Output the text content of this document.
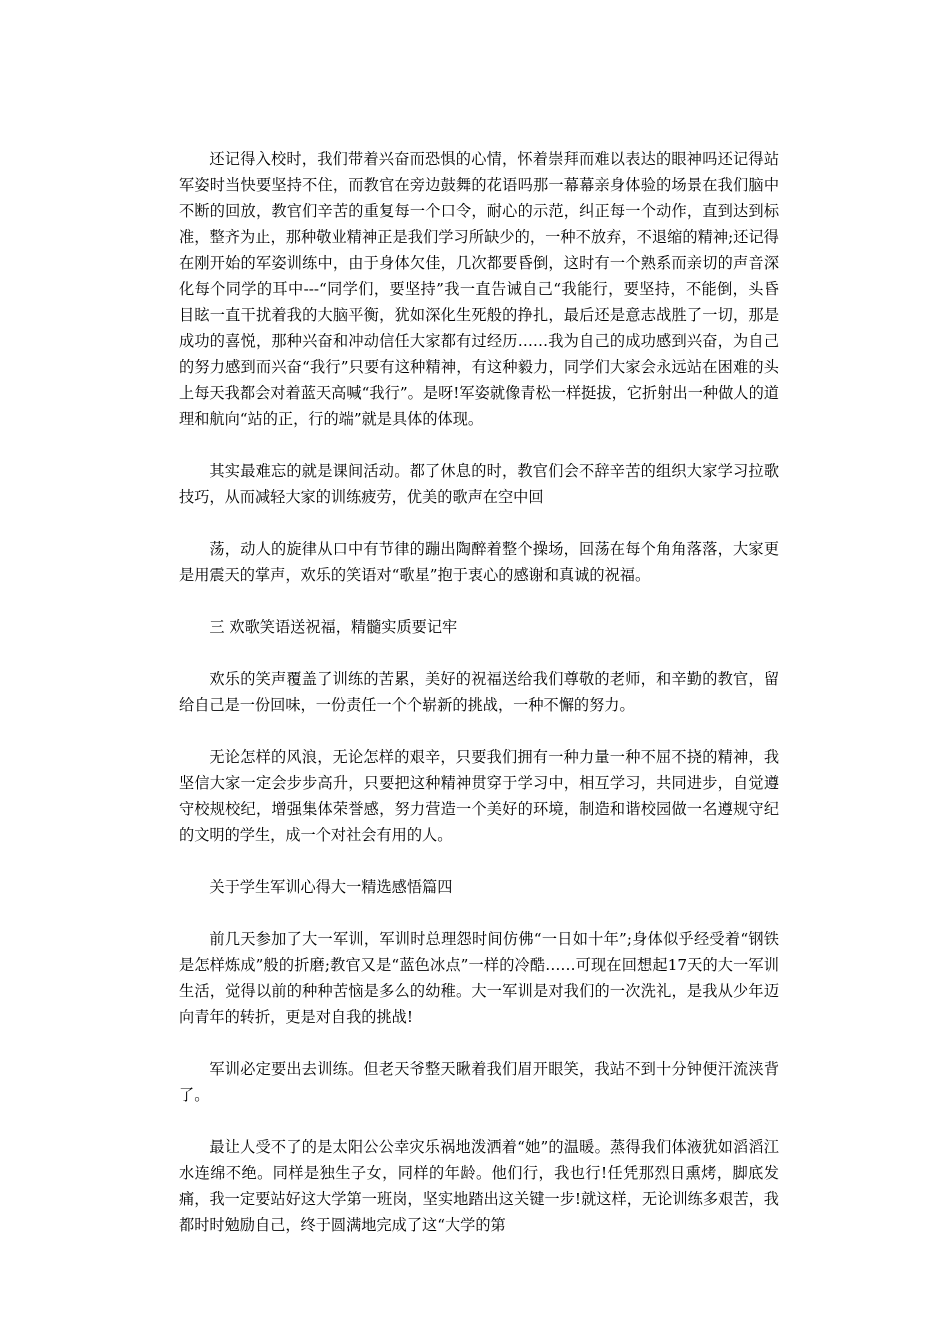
还记得入校时，我们带着兴奋而恐惧的心情，怀着崇拜而难以表达的眼神吗还记得站军姿时当快要坚持不住，而教官在旁边鼓舞的花语吗那一幕幕亲身体验的场景在我们脑中不断的回放，教官们辛苦的重复每一个口令，耐心的示范，纠正每一个动作，直到达到标准，整齐为止，那种敬业精神正是我们学习所缺少的，一种不放弃，不退缩的精神;还记得在刚开始的军姿训练中，由于身体欠佳，几次都要昏倒，这时有一个熟系而亲切的声音深化每个同学的耳中---“同学们，要坚持”我一直告诫自己“我能行，要坚持，不能倒，头昏目眩一直干扰着我的大脑平衡，犹如深化生死般的挣扎，最后还是意志战胜了一切，那是成功的喜悦，那种兴奋和冲动信任大家都有过经历……我为自己的成功感到兴奋，为自己的努力感到而兴奋“我行”只要有这种精神，有这种毅力，同学们大家会永远站在困难的头上每天我都会对着蓝天高喊“我行”。是呀!军姿就像青松一样挺拔，它折射出一种做人的道理和航向“站的正，行的端”就是具体的体现。

其实最难忘的就是课间活动。都了休息的时，教官们会不辞辛苦的组织大家学习拉歌技巧，从而减轻大家的训练疲劳，优美的歌声在空中回

荡，动人的旋律从口中有节律的蹦出陶醉着整个操场，回荡在每个角角落落，大家更是用震天的掌声，欢乐的笑语对“歌星”抱于衷心的感谢和真诚的祝福。

三 欢歌笑语送祝福，精髓实质要记牢

欢乐的笑声覆盖了训练的苦累，美好的祝福送给我们尊敬的老师，和辛勤的教官，留给自己是一份回味，一份责任一个个崭新的挑战，一种不懈的努力。

无论怎样的风浪，无论怎样的艰辛，只要我们拥有一种力量一种不屈不挠的精神，我坚信大家一定会步步高升，只要把这种精神贯穿于学习中，相互学习，共同进步，自觉遵守校规校纪，增强集体荣誉感，努力营造一个美好的环境，制造和谐校园做一名遵规守纪的文明的学生，成一个对社会有用的人。

关于学生军训心得大一精选感悟篇四

前几天参加了大一军训，军训时总理怨时间仿佛“一日如十年”;身体似乎经受着“钢铁是怎样炼成”般的折磨;教官又是“蓝色冰点”一样的冷酷……可现在回想起17天的大一军训生活，觉得以前的种种苦恼是多么的幼稚。大一军训是对我们的一次洗礼，是我从少年迈向青年的转折，更是对自我的挑战!

军训必定要出去训练。但老天爷整天瞅着我们眉开眼笑，我站不到十分钟便汗流浃背了。

最让人受不了的是太阳公公幸灾乐祸地泼洒着“她”的温暖。蒸得我们体液犹如滔滔江水连绵不绝。同样是独生子女，同样的年龄。他们行，我也行!任凭那烈日熏烤，脚底发痛，我一定要站好这大学第一班岗，坚实地踏出这关键一步!就这样，无论训练多艰苦，我都时时勉励自己，终于圆满地完成了这“大学的第
